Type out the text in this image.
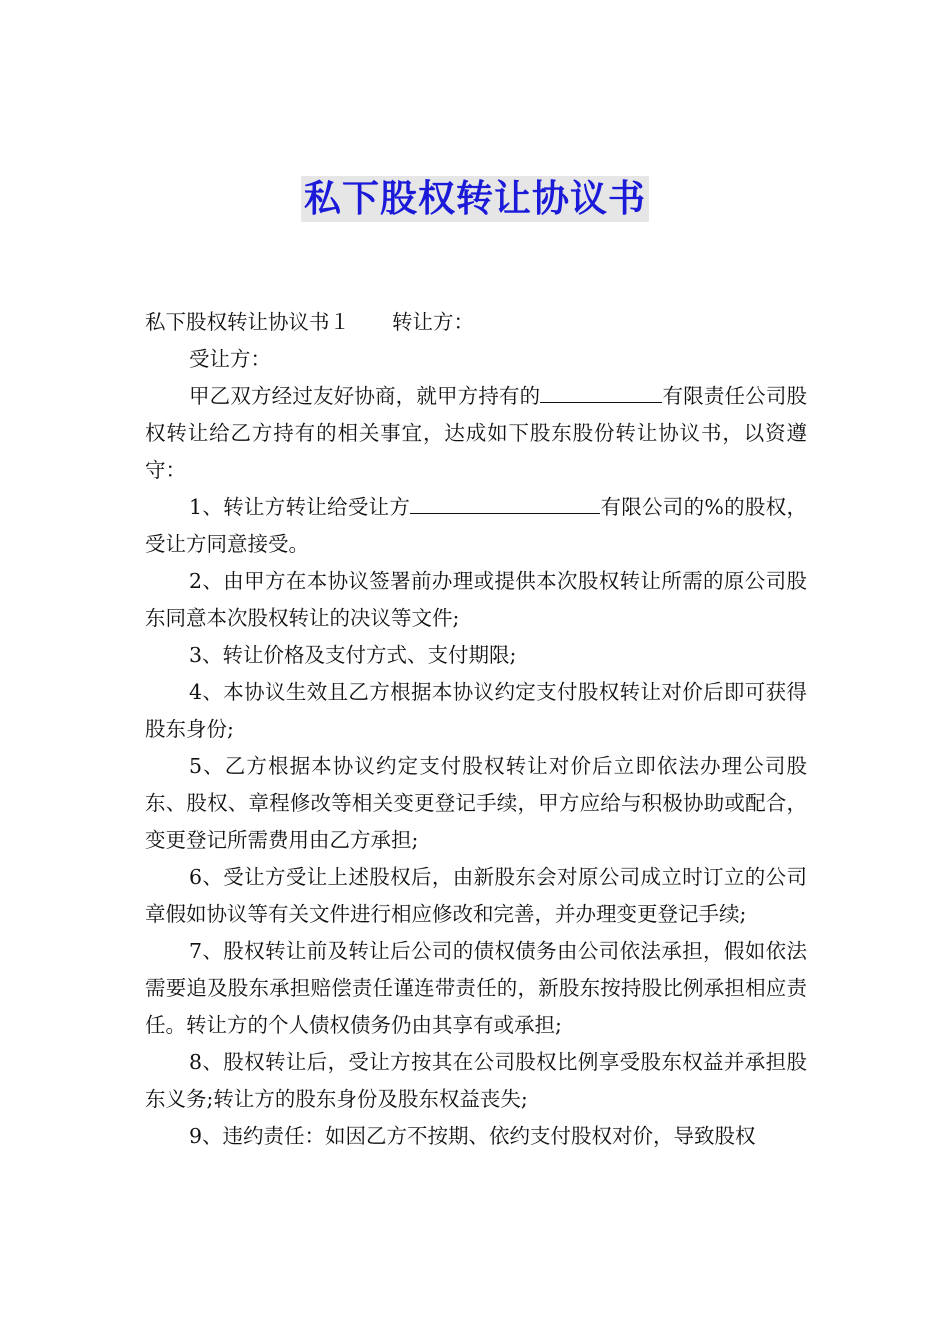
私下股权转让协议书

私下股权转让协议书１ 转让方：

受让方：

甲乙双方经过友好协商，就甲方持有的	有限责任公司股权转让给乙方持有的相关事宜，达成如下股东股份转让协议书，以资遵守：

1、转让方转让给受让方	有限公司的%的股权，受让方同意接受。

2、由甲方在本协议签署前办理或提供本次股权转让所需的原公司股东同意本次股权转让的决议等文件;

3、转让价格及支付方式、支付期限;

4、本协议生效且乙方根据本协议约定支付股权转让对价后即可获得股东身份;

5、乙方根据本协议约定支付股权转让对价后立即依法办理公司股东、股权、章程修改等相关变更登记手续，甲方应给与积极协助或配合，变更登记所需费用由乙方承担;

6、受让方受让上述股权后，由新股东会对原公司成立时订立的公司章假如协议等有关文件进行相应修改和完善，并办理变更登记手续;

7、股权转让前及转让后公司的债权债务由公司依法承担，假如依法需要追及股东承担赔偿责任谨连带责任的，新股东按持股比例承担相应责任。转让方的个人债权债务仍由其享有或承担;

8、股权转让后，受让方按其在公司股权比例享受股东权益并承担股东义务;转让方的股东身份及股东权益丧失;

9、违约责任：如因乙方不按期、依约支付股权对价，导致股权
